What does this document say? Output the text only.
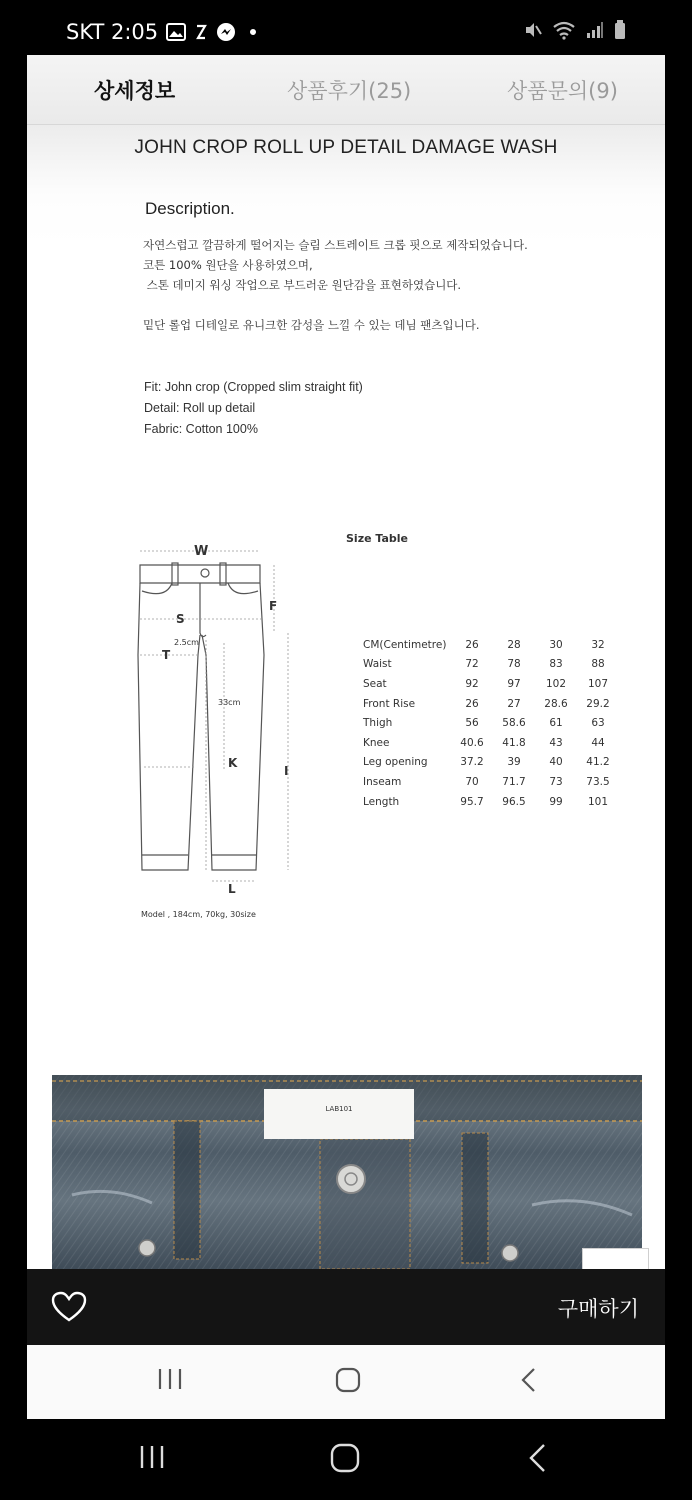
SKT 2:05
상세정보	상품후기(25)	상품문의(9)
JOHN CROP ROLL UP DETAIL DAMAGE WASH
Description.
자연스럽고 깔끔하게 떨어지는 슬림 스트레이트 크롭 핏으로 제작되었습니다.
코튼 100% 원단을 사용하였으며,
스톤 데미지 워싱 작업으로 부드러운 원단감을 표현하였습니다.
밑단 롤업 디테일로 유니크한 감성을 느낄 수 있는 데님 팬츠입니다.
Fit: John crop (Cropped slim straight fit)
Detail: Roll up detail
Fabric: Cotton 100%
W
F
S
T
K
I
L
2.5cm
33cm
Model , 184cm, 70kg, 30size
Size Table
CM(Centimetre)	26	28	30	32
Waist	72	78	83	88
Seat	92	97	102	107
Front Rise	26	27	28.6	29.2
Thigh	56	58.6	61	63
Knee	40.6	41.8	43	44
Leg opening	37.2	39	40	41.2
Inseam	70	71.7	73	73.5
Length	95.7	96.5	99	101
LAB101
구매하기
